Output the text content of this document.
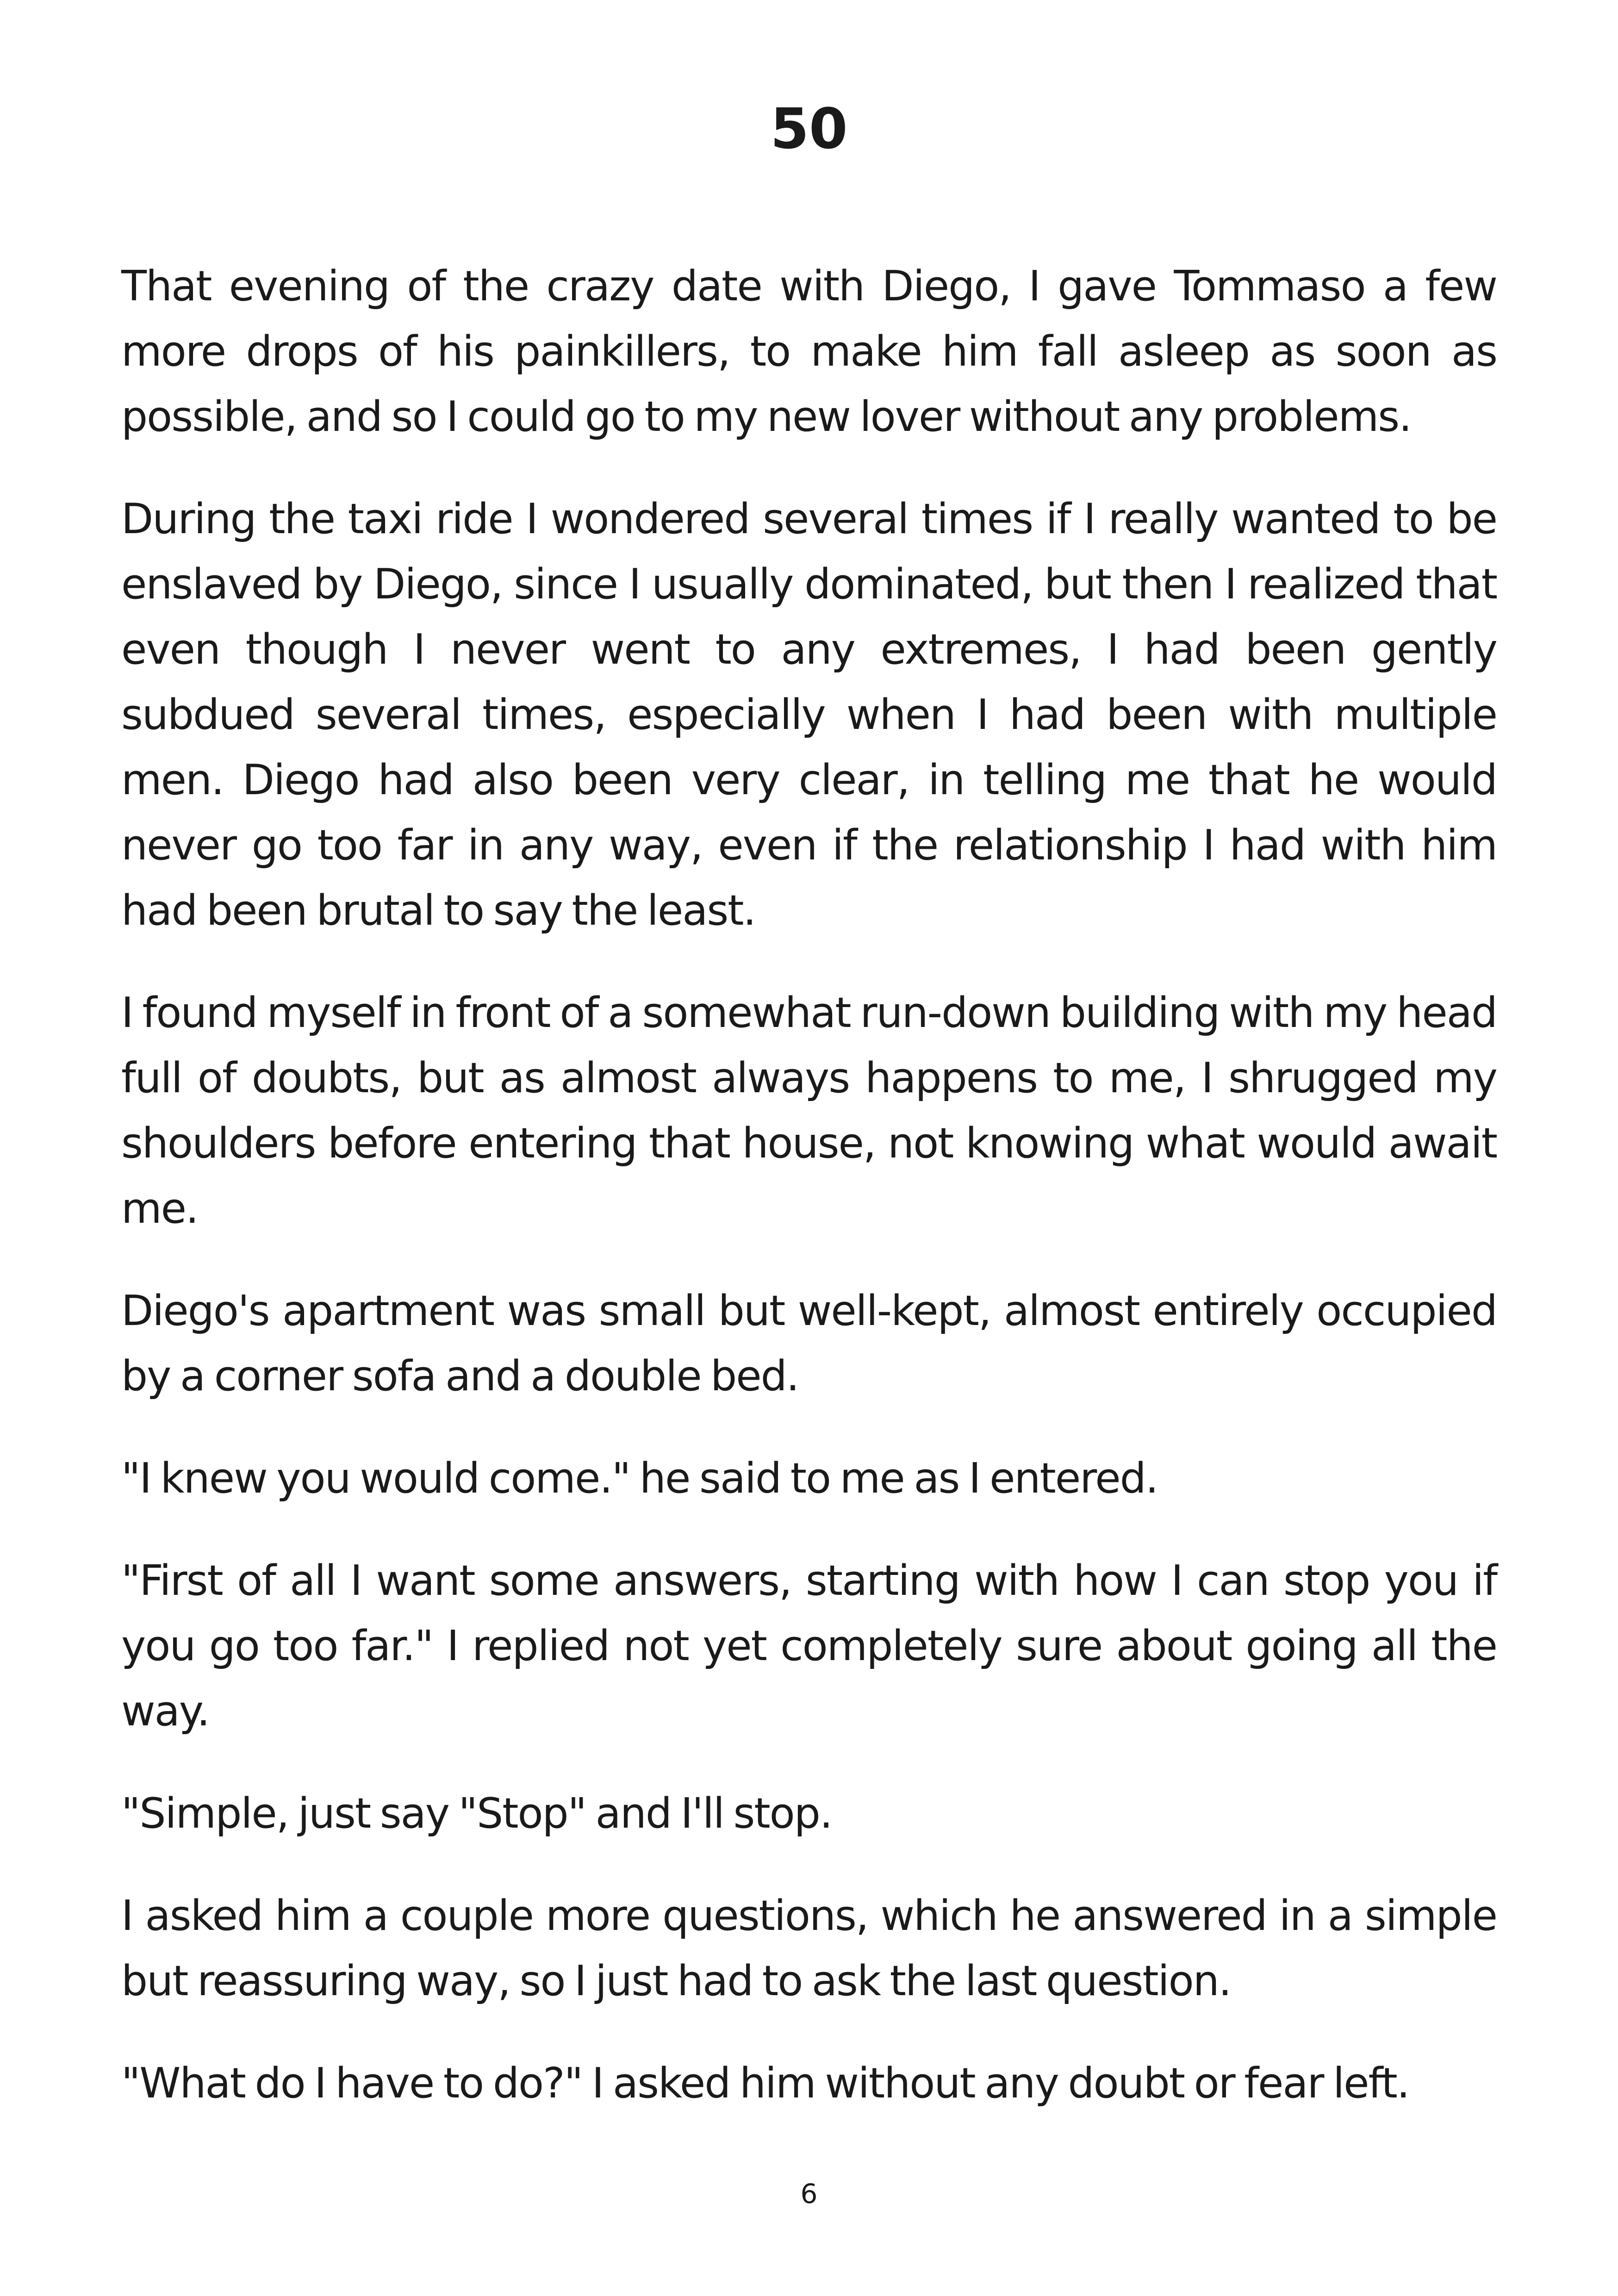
50

That evening of the crazy date with Diego, I gave Tommaso a few more drops of his painkillers, to make him fall asleep as soon as possible, and so I could go to my new lover without any problems.

During the taxi ride I wondered several times if I really wanted to be enslaved by Diego, since I usually dominated, but then I realized that even though I never went to any extremes, I had been gently subdued several times, especially when I had been with multiple men. Diego had also been very clear, in telling me that he would never go too far in any way, even if the relationship I had with him had been brutal to say the least.

I found myself in front of a somewhat run-down building with my head full of doubts, but as almost always happens to me, I shrugged my shoulders before entering that house, not knowing what would await me.

Diego's apartment was small but well-kept, almost entirely occupied by a corner sofa and a double bed.

"I knew you would come." he said to me as I entered.

"First of all I want some answers, starting with how I can stop you if you go too far." I replied not yet completely sure about going all the way.

"Simple, just say "Stop" and I'll stop.

I asked him a couple more questions, which he answered in a simple but reassuring way, so I just had to ask the last question.

"What do I have to do?" I asked him without any doubt or fear left.

6
